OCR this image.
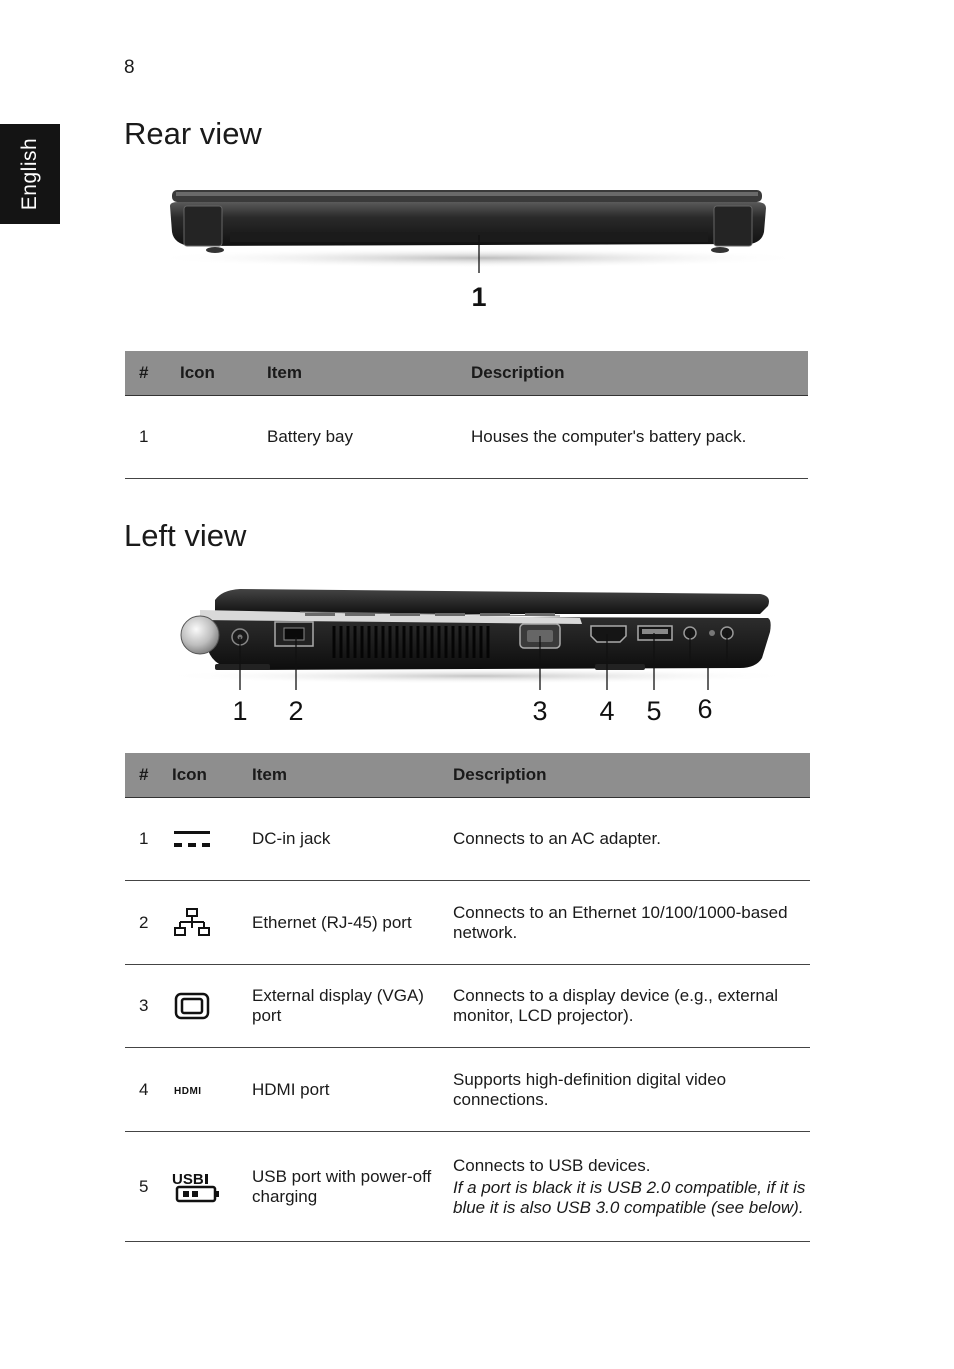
8
English
Rear view
1
#	Icon	Item	Description
1		Battery bay	Houses the computer's battery pack.
Left view
1 2	3 4 5 6
#	Icon	Item	Description
1		DC-in jack	Connects to an AC adapter.
2		Ethernet (RJ-45) port	Connects to an Ethernet 10/100/1000-based network.
3		External display (VGA) port	Connects to a display device (e.g., external monitor, LCD projector).
4	HDMI	HDMI port	Supports high-definition digital video connections.
5	USB	USB port with power-off charging	Connects to USB devices.
If a port is black it is USB 2.0 compatible, if it is blue it is also USB 3.0 compatible (see below).
